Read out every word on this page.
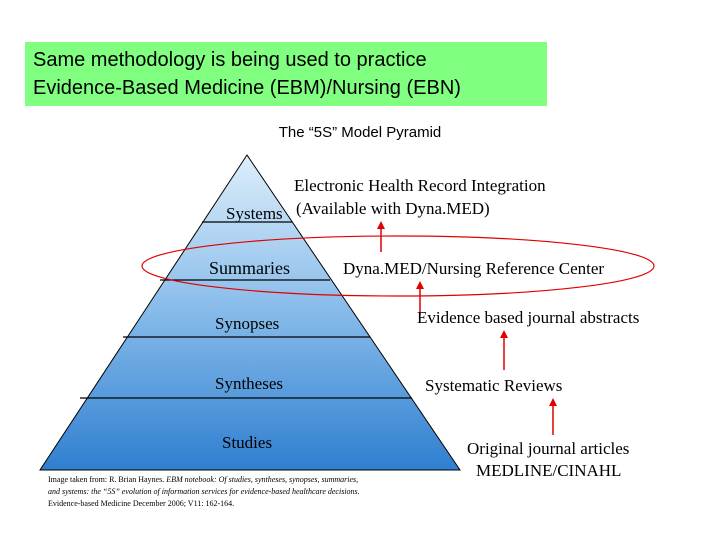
Same methodology is being used to practice
Evidence-Based Medicine (EBM)/Nursing (EBN)
The “5S” Model Pyramid
Systems
Summaries
Synopses
Syntheses
Studies
Electronic Health Record Integration
(Available with Dyna.MED)
Dyna.MED/Nursing Reference Center
Evidence based journal abstracts
Systematic Reviews
Original journal articles
MEDLINE/CINAHL
Image taken from: R. Brian Haynes. EBM notebook: Of studies, syntheses, synopses, summaries,
and systems: the “5S” evolution of information services for evidence-based healthcare decisions.
Evidence-based Medicine December 2006; V11: 162-164.
